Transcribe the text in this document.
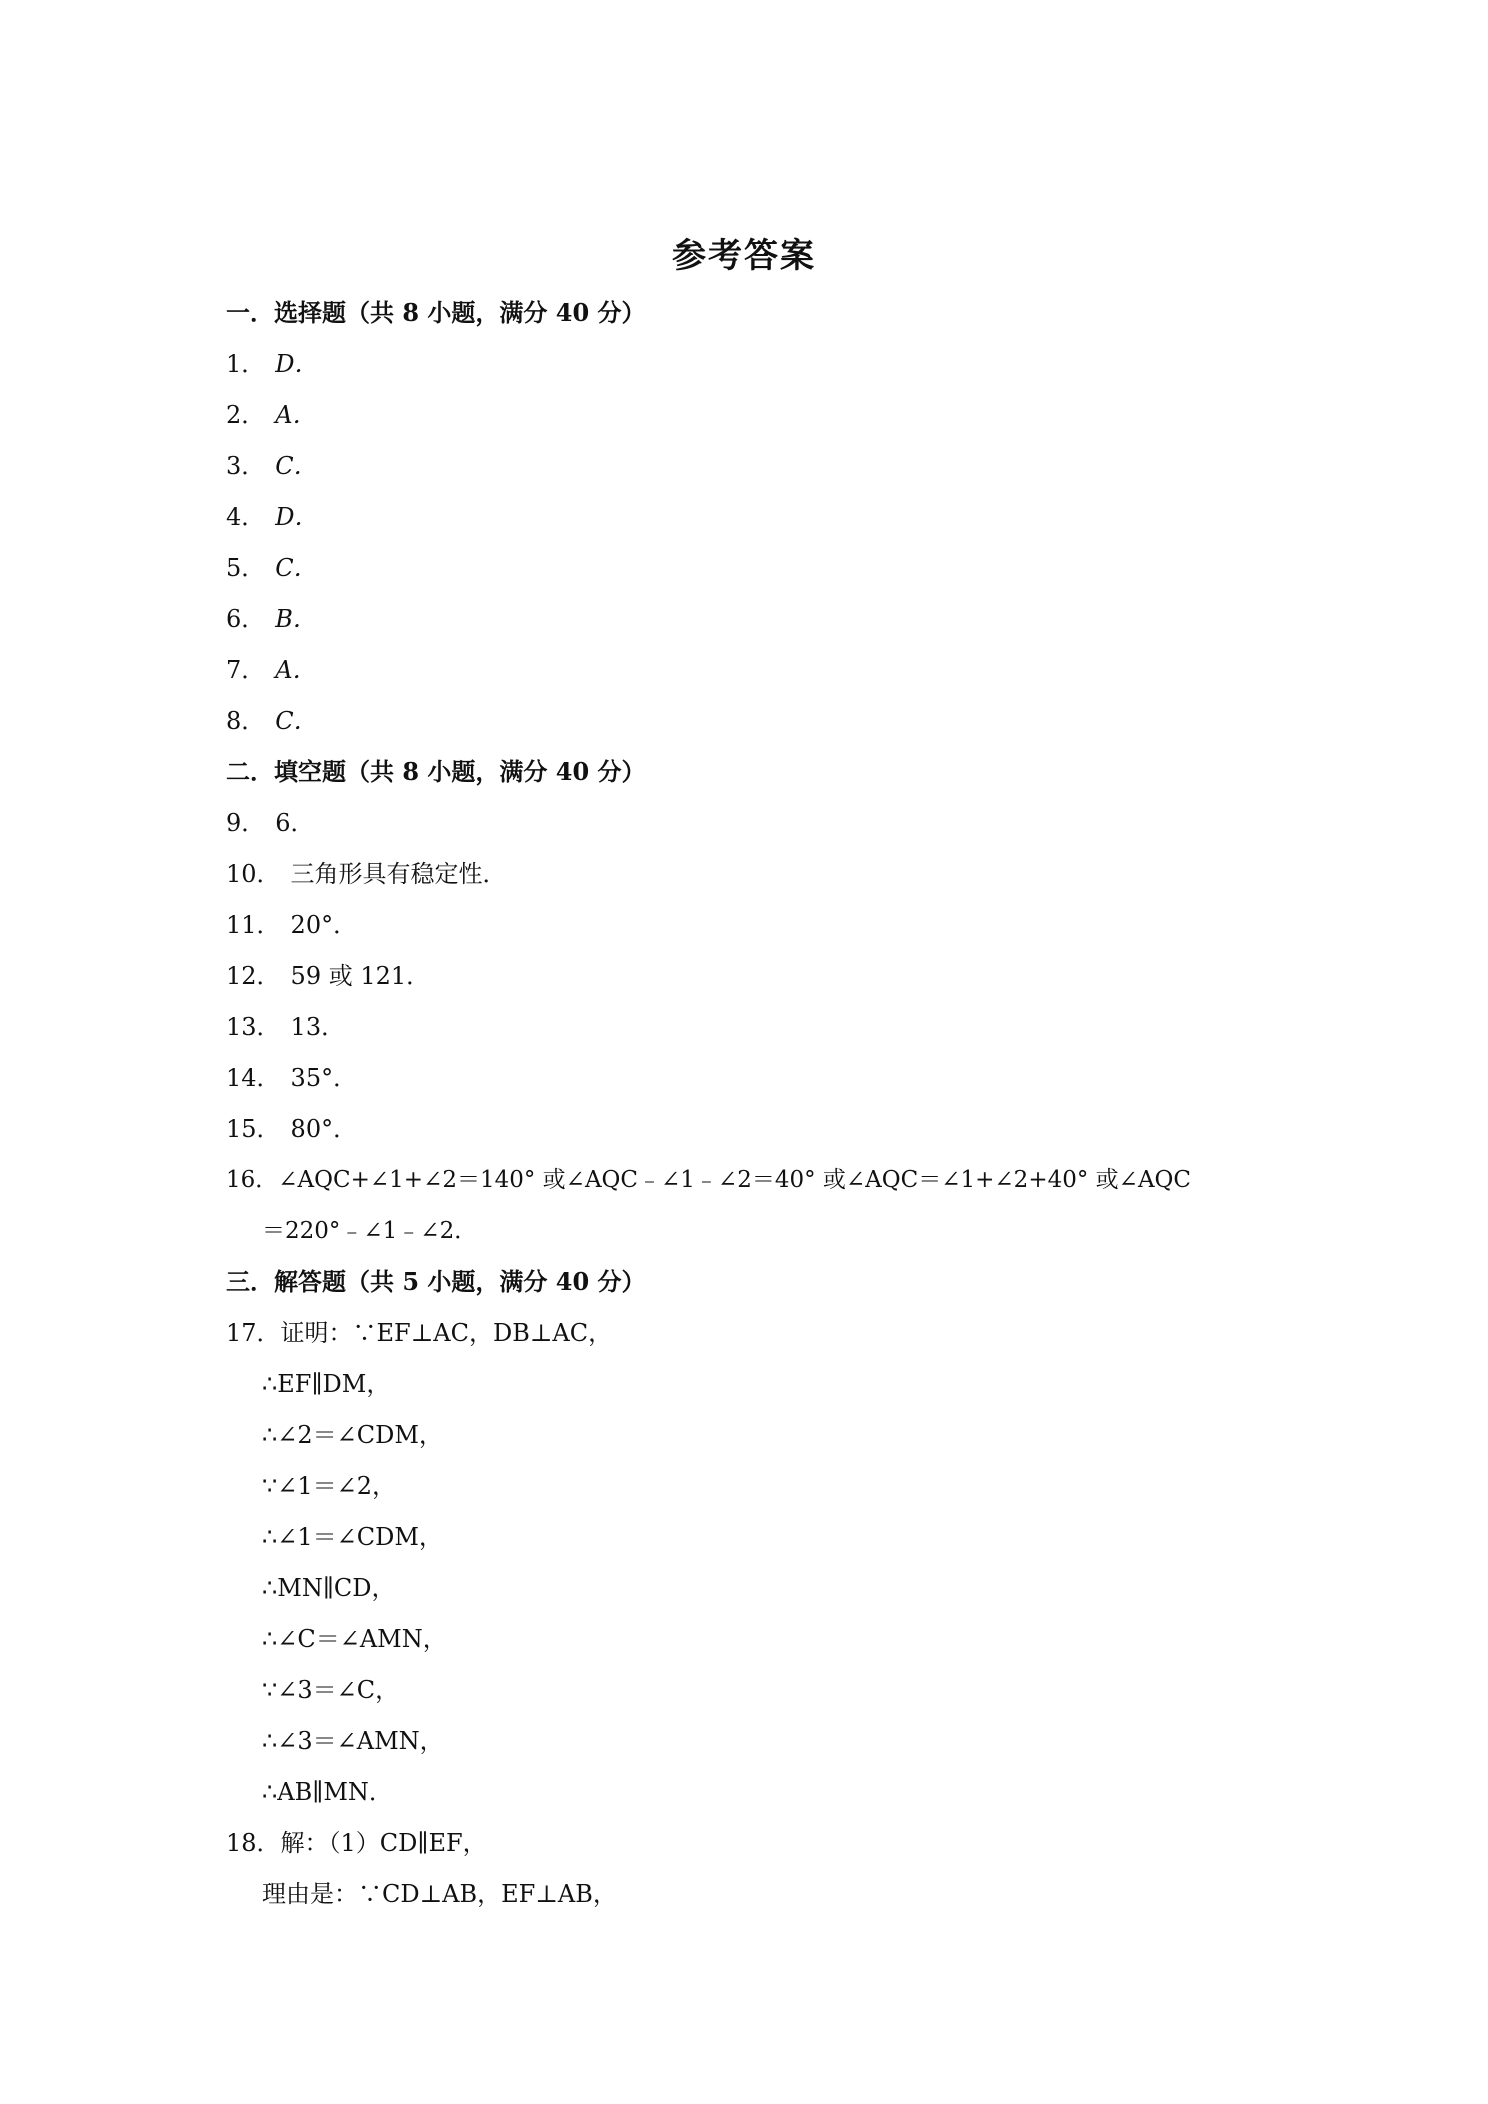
参考答案
一．选择题（共 8 小题，满分 40 分）
1． D．
2． A．
3． C．
4． D．
5． C．
6． B．
7． A．
8． C．
二．填空题（共 8 小题，满分 40 分）
9． 6．
10． 三角形具有稳定性．
11． 20°．
12． 59 或 121．
13． 13．
14． 35°．
15． 80°．
16．∠AQC+∠1+∠2＝140° 或∠AQC﹣∠1﹣∠2＝40° 或∠AQC＝∠1+∠2+40° 或∠AQC
＝220°﹣∠1﹣∠2．
三．解答题（共 5 小题，满分 40 分）
17．证明：∵EF⊥AC，DB⊥AC，
∴EF∥DM，
∴∠2＝∠CDM，
∵∠1＝∠2，
∴∠1＝∠CDM，
∴MN∥CD，
∴∠C＝∠AMN，
∵∠3＝∠C，
∴∠3＝∠AMN，
∴AB∥MN．
18．解：（1）CD∥EF，
理由是：∵CD⊥AB，EF⊥AB，
